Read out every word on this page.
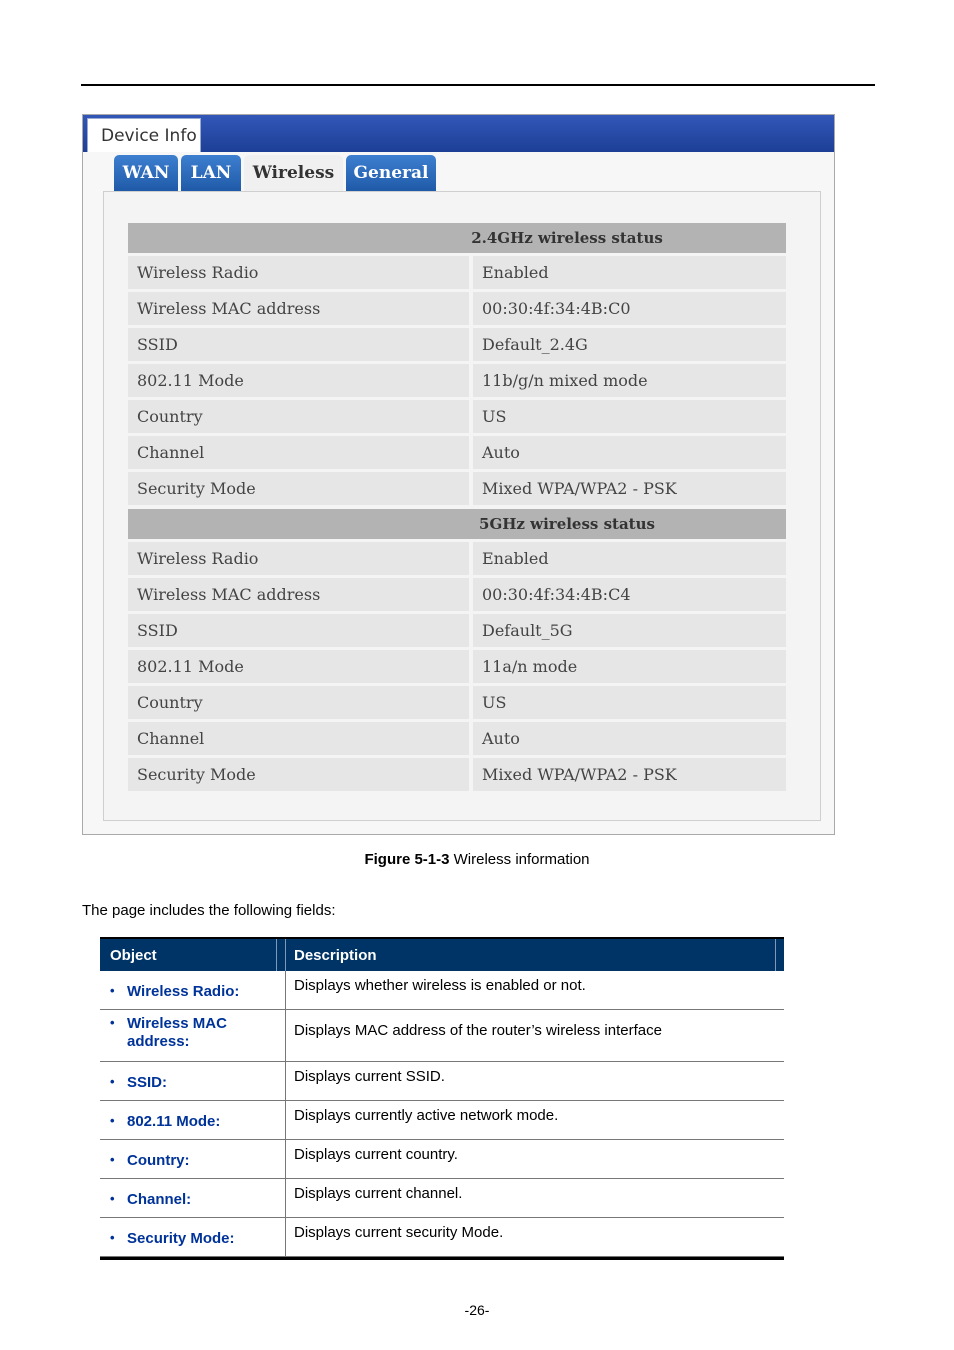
Device Info
WAN	LAN	Wireless	General
2.4GHz wireless status
Wireless Radio	Enabled
Wireless MAC address	00:30:4f:34:4B:C0
SSID	Default_2.4G
802.11 Mode	11b/g/n mixed mode
Country	US
Channel	Auto
Security Mode	Mixed WPA/WPA2 - PSK
5GHz wireless status
Wireless Radio	Enabled
Wireless MAC address	00:30:4f:34:4B:C4
SSID	Default_5G
802.11 Mode	11a/n mode
Country	US
Channel	Auto
Security Mode	Mixed WPA/WPA2 - PSK
Figure 5-1-3 Wireless information
The page includes the following fields:
Object	Description
• Wireless Radio:	Displays whether wireless is enabled or not.
• Wireless MAC address:
Displays MAC address of the router’s wireless interface
• SSID:	Displays current SSID.
• 802.11 Mode:	Displays currently active network mode.
• Country:	Displays current country.
• Channel:	Displays current channel.
• Security Mode:	Displays current security Mode.
-26-
